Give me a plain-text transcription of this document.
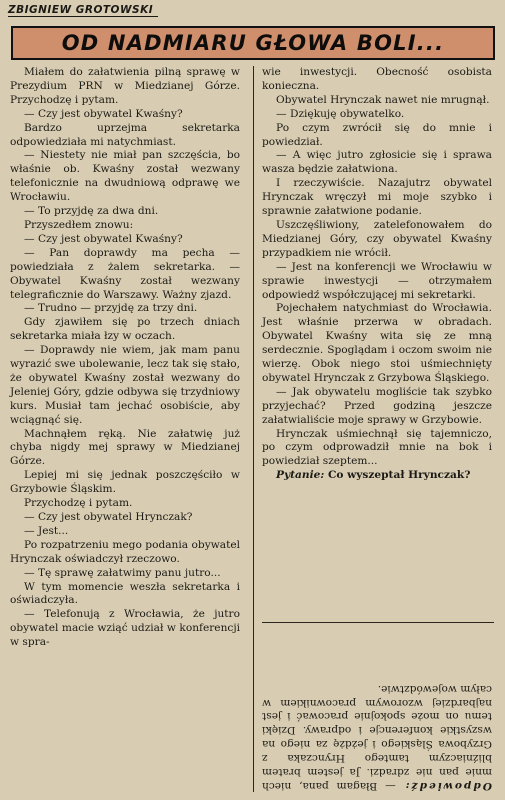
ZBIGNIEW GROTOWSKI
OD NADMIARU GŁOWA BOLI...

Miałem do załatwienia pilną sprawę w Prezydium PRN w Miedzianej Górze. Przychodzę i pytam.

— Czy jest obywatel Kwaśny?

Bardzo uprzejma sekretarka odpowiedziała mi natychmiast.

— Niestety nie miał pan szczęścia, bo właśnie ob. Kwaśny został wezwany telefonicznie na dwudniową odprawę we Wrocławiu.

— To przyjdę za dwa dni.

Przyszedłem znowu:

— Czy jest obywatel Kwaśny?

— Pan doprawdy ma pecha — powiedziała z żalem sekretarka. — Obywatel Kwaśny został wezwany telegraficznie do Warszawy. Ważny zjazd.

— Trudno — przyjdę za trzy dni.

Gdy zjawiłem się po trzech dniach sekretarka miała łzy w oczach.

— Doprawdy nie wiem, jak mam panu wyrazić swe ubolewanie, lecz tak się stało, że obywatel Kwaśny został wezwany do Jeleniej Góry, gdzie odbywa się trzydniowy kurs. Musiał tam jechać osobiście, aby wciągnąć się.

Machnąłem ręką. Nie załatwię już chyba nigdy mej sprawy w Miedzianej Górze.

Lepiej mi się jednak poszczęściło w Grzybowie Śląskim.

Przychodzę i pytam.

— Czy jest obywatel Hrynczak?

— Jest...

Po rozpatrzeniu mego podania obywatel Hrynczak oświadczył rzeczowo.

— Tę sprawę załatwimy panu jutro...

W tym momencie weszła sekretarka i oświadczyła.

— Telefonują z Wrocławia, że jutro obywatel macie wziąć udział w konferencji w spra-

wie inwestycji. Obecność osobista konieczna.

Obywatel Hrynczak nawet nie mrugnął.

— Dziękuję obywatelko.

Po czym zwrócił się do mnie i powiedział.

— A więc jutro zgłosicie się i sprawa wasza będzie załatwiona.

I rzeczywiście. Nazajutrz obywatel Hrynczak wręczył mi moje szybko i sprawnie załatwione podanie.

Uszczęśliwiony, zatelefonowałem do Miedzianej Góry, czy obywatel Kwaśny przypadkiem nie wrócił.

— Jest na konferencji we Wrocławiu w sprawie inwestycji — otrzymałem odpowiedź współczującej mi sekretarki.

Pojechałem natychmiast do Wrocławia. Jest właśnie przerwa w obradach. Obywatel Kwaśny wita się ze mną serdecznie. Spoglądam i oczom swoim nie wierzę. Obok niego stoi uśmiechnięty obywatel Hrynczak z Grzybowa Śląskiego.

— Jak obywatelu mogliście tak szybko przyjechać? Przed godziną jeszcze załatwialiście moje sprawy w Grzybowie.

Hrynczak uśmiechnął się tajemniczo, po czym odprowadził mnie na bok i powiedział szeptem...

Pytanie: Co wyszeptał Hrynczak?

Odpowiedź: — Błagam pana, niech mnie pan nie zdradzi. Ja jestem bratem bliźniaczym tamtego Hrynczaka z Grzybowa Śląskiego i jeżdżę za niego na wszystkie konferencje i odprawy. Dzięki temu on może spokojnie pracować i jest najbardziej wzorowym pracownikiem w całym województwie.
